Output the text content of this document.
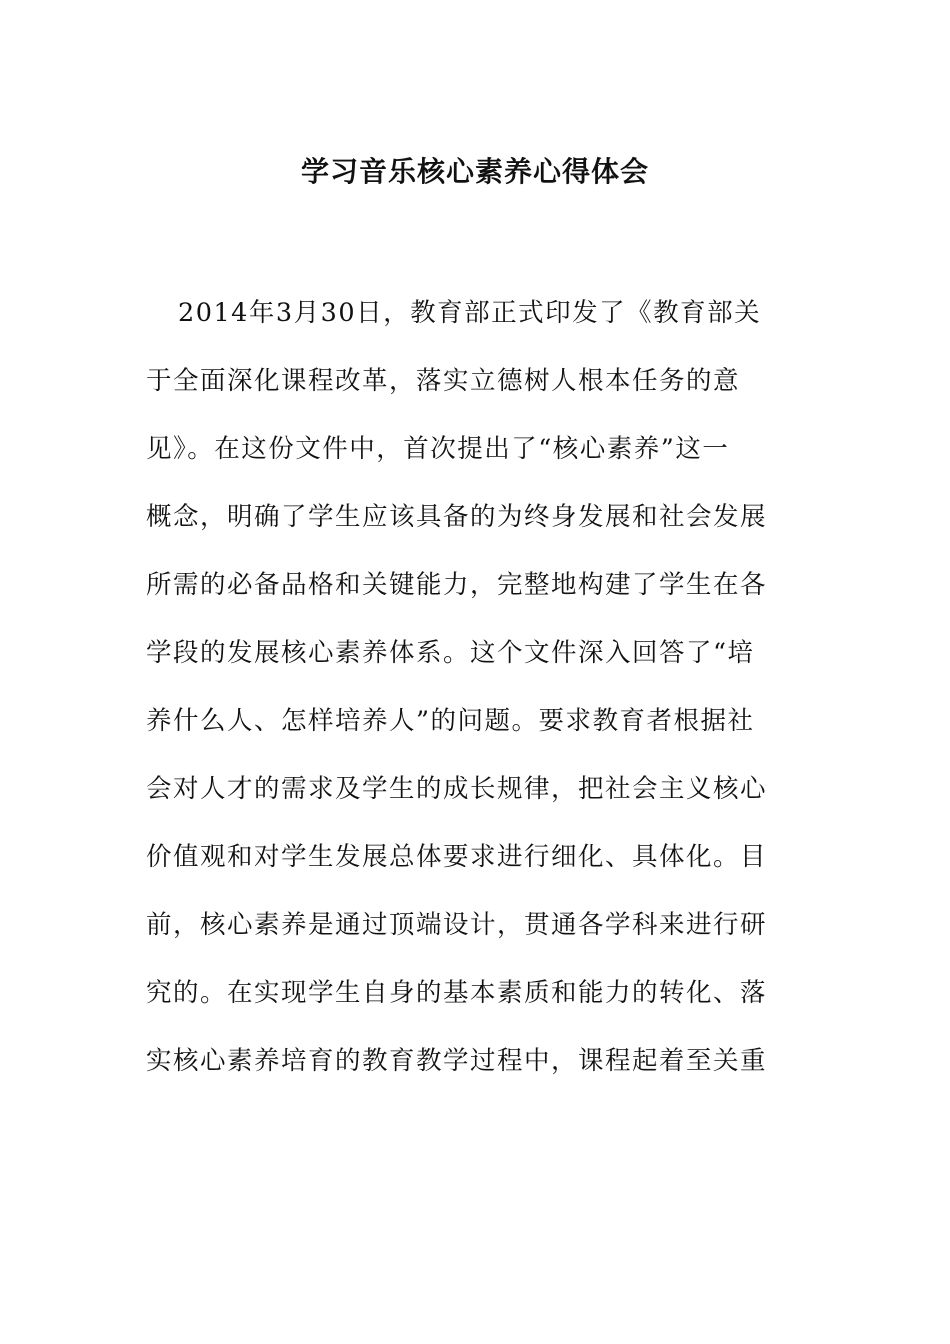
学习音乐核心素养心得体会
2014年3月30日，教育部正式印发了《教育部关
于全面深化课程改革，落实立德树人根本任务的意
见》。在这份文件中，首次提出了“核心素养”这一
概念，明确了学生应该具备的为终身发展和社会发展
所需的必备品格和关键能力，完整地构建了学生在各
学段的发展核心素养体系。这个文件深入回答了“培
养什么人、怎样培养人”的问题。要求教育者根据社
会对人才的需求及学生的成长规律，把社会主义核心
价值观和对学生发展总体要求进行细化、具体化。目
前，核心素养是通过顶端设计，贯通各学科来进行研
究的。在实现学生自身的基本素质和能力的转化、落
实核心素养培育的教育教学过程中，课程起着至关重
